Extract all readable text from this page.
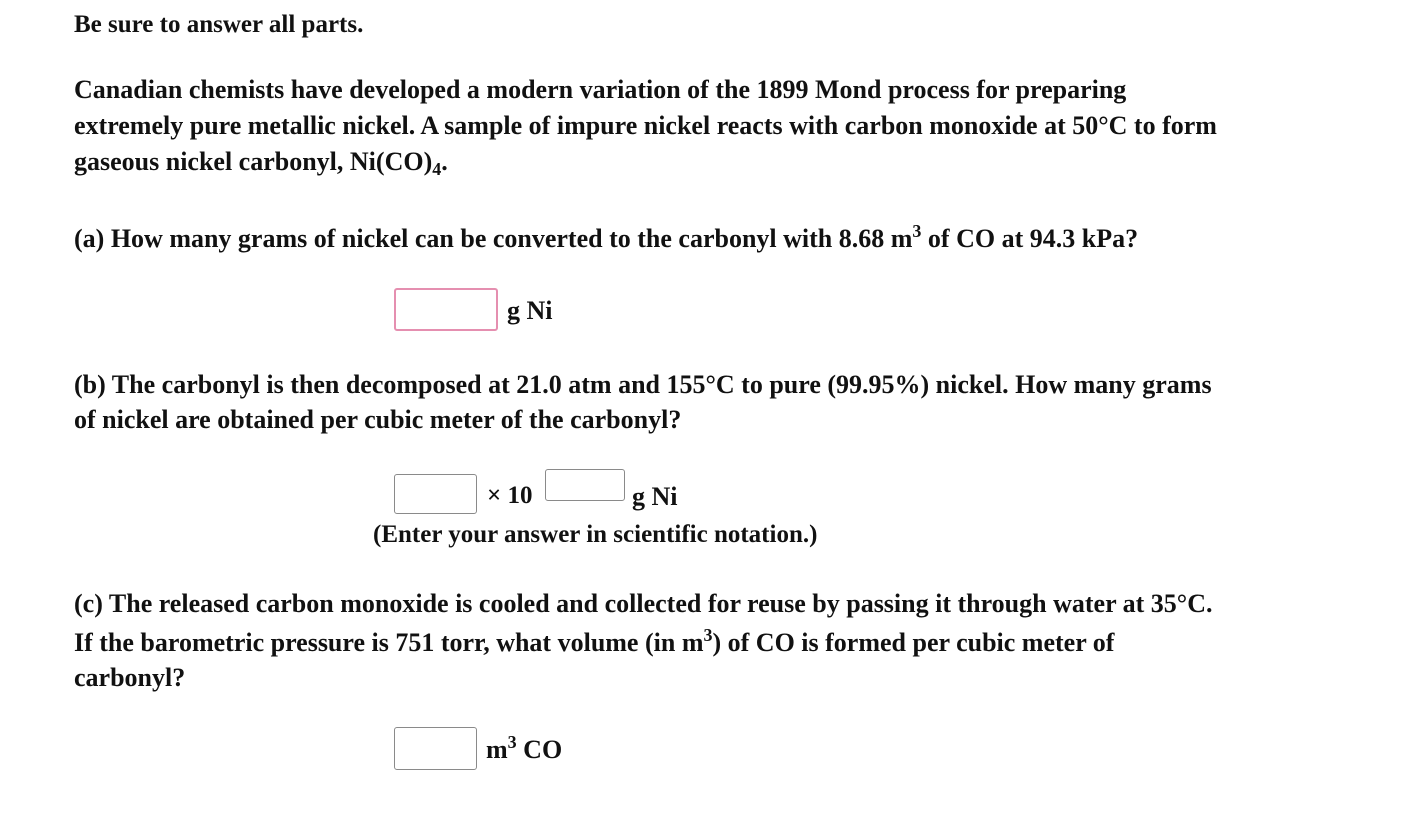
Be sure to answer all parts.
Canadian chemists have developed a modern variation of the 1899 Mond process for preparing
extremely pure metallic nickel. A sample of impure nickel reacts with carbon monoxide at 50°C to form
gaseous nickel carbonyl, $Ni(CO)_4$.
(a) How many grams of nickel can be converted to the carbonyl with 8.68 $m^3$ of CO at 94.3 kPa?
g Ni
(b) The carbonyl is then decomposed at 21.0 atm and 155°C to pure (99.95%) nickel. How many grams
of nickel are obtained per cubic meter of the carbonyl?
× 10	g Ni
(Enter your answer in scientific notation.)
(c) The released carbon monoxide is cooled and collected for reuse by passing it through water at 35°C.
If the barometric pressure is 751 torr, what volume (in $m^3$) of CO is formed per cubic meter of
carbonyl?
$m^3$ CO
